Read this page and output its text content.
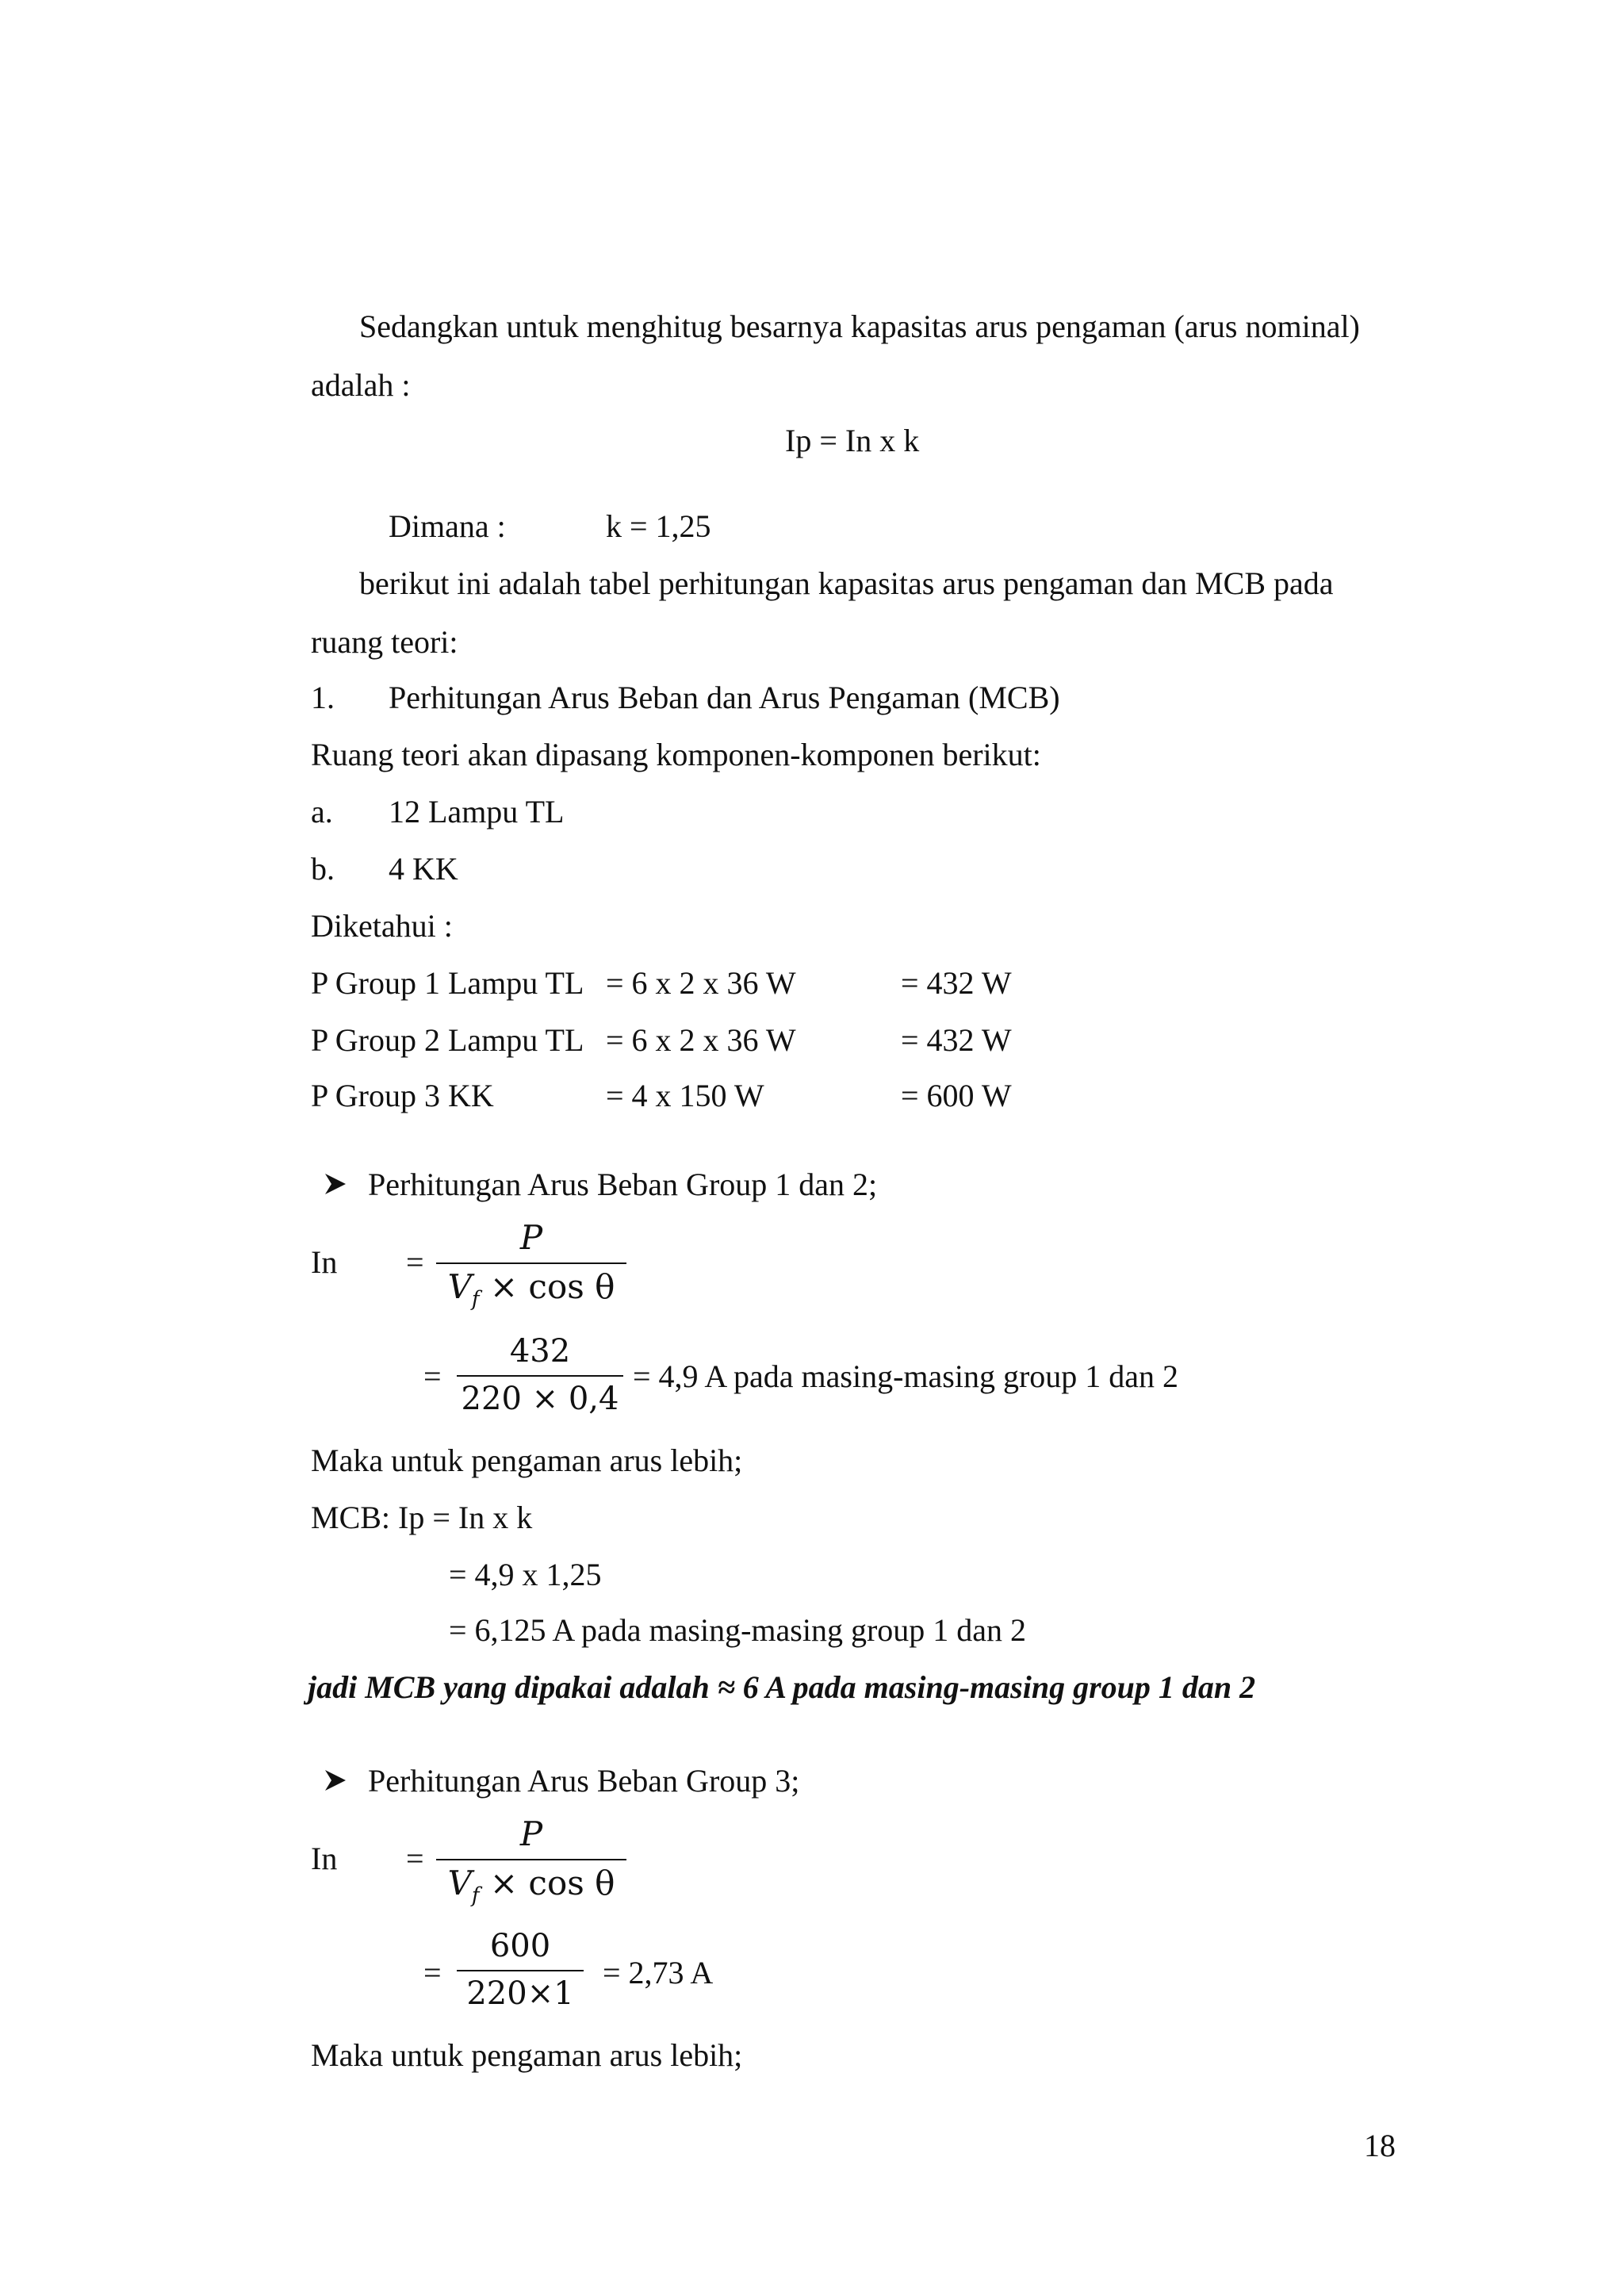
Sedangkan untuk menghitug besarnya kapasitas arus pengaman (arus nominal)
adalah :
Ip = In x k
Dimana :	k = 1,25
berikut ini adalah tabel perhitungan kapasitas arus pengaman dan MCB pada
ruang teori:
1. Perhitungan Arus Beban dan Arus Pengaman (MCB)
Ruang teori akan dipasang komponen-komponen berikut:
a. 12 Lampu TL
b. 4 KK
Diketahui :
P Group 1 Lampu TL = 6 x 2 x 36 W	= 432 W
P Group 2 Lampu TL = 6 x 2 x 36 W	= 432 W
P Group 3 KK	= 4 x 150 W	= 600 W
Perhitungan Arus Beban Group 1 dan 2;
In =
P
$V_f \times \cos \theta$
=
432
220 × 0,4
= 4,9 A pada masing-masing group 1 dan 2
Maka untuk pengaman arus lebih;
MCB: Ip = In x k
= 4,9 x 1,25
= 6,125 A pada masing-masing group 1 dan 2
jadi MCB yang dipakai adalah ≈ 6 A pada masing-masing group 1 dan 2
Perhitungan Arus Beban Group 3;
In =
P
$V_f \times \cos \theta$
=
600
220×1
= 2,73 A
Maka untuk pengaman arus lebih;
18
